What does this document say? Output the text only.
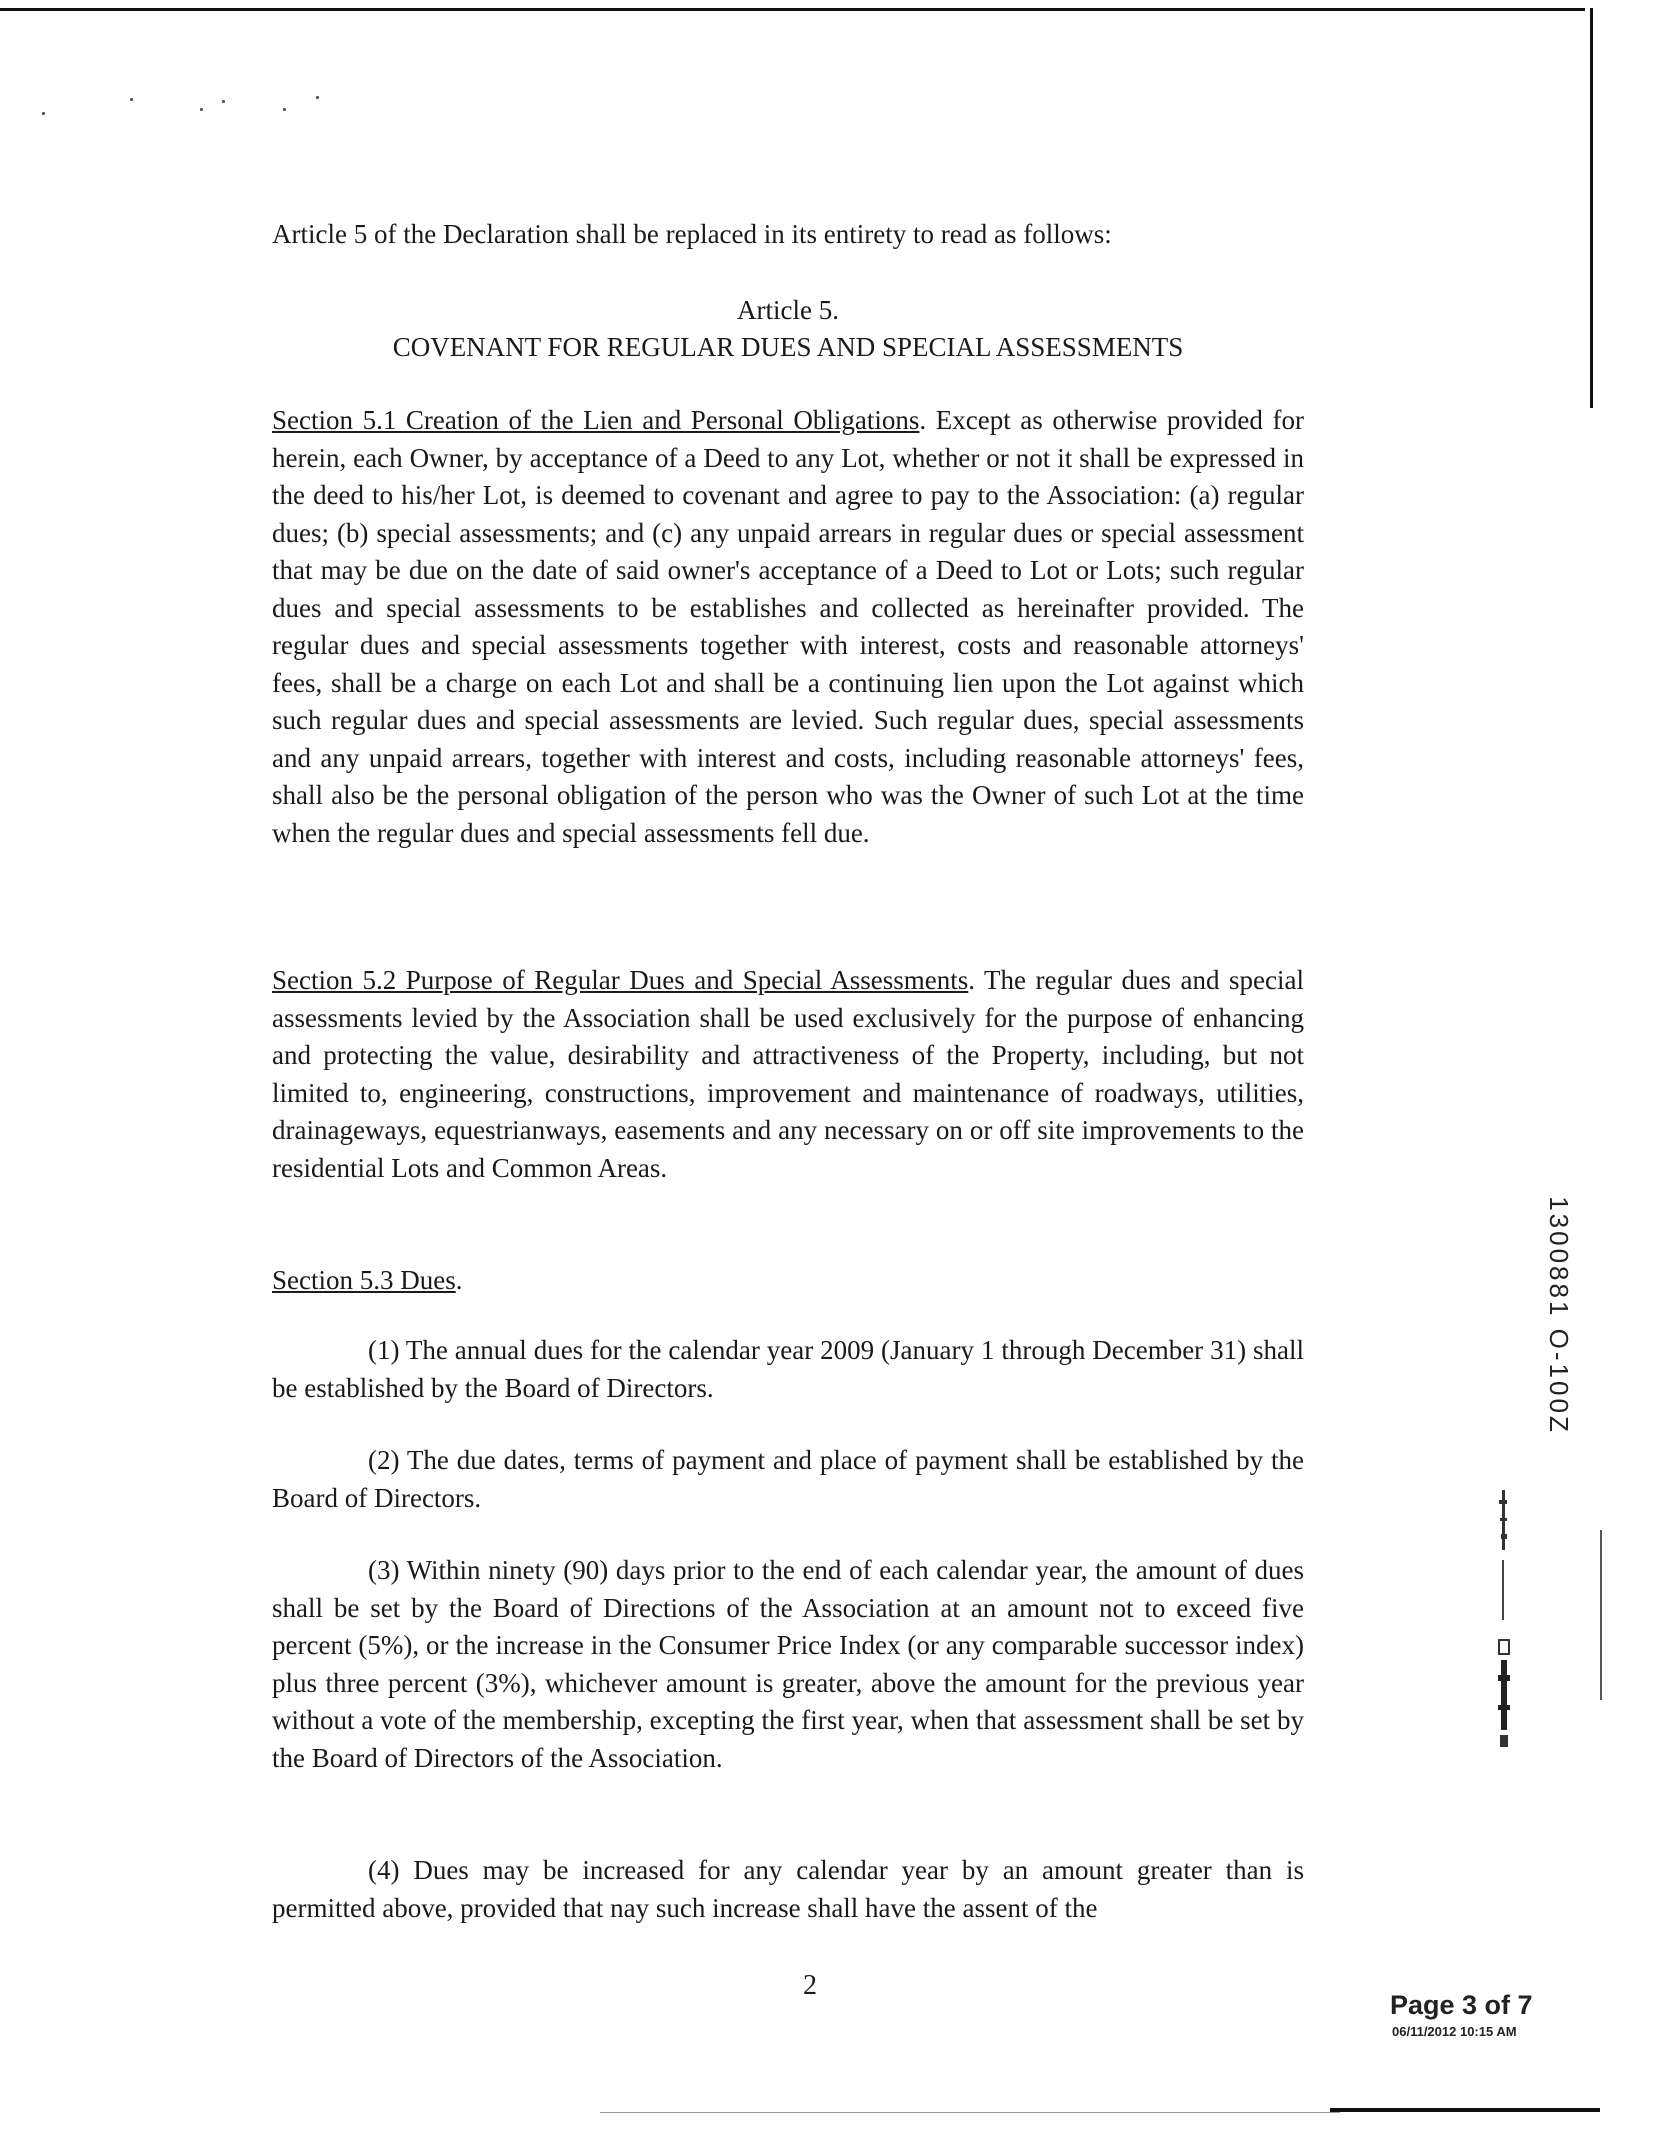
Article 5 of the Declaration shall be replaced in its entirety to read as follows:
Article 5.
COVENANT FOR REGULAR DUES AND SPECIAL ASSESSMENTS
Section 5.1 Creation of the Lien and Personal Obligations. Except as otherwise provided for herein, each Owner, by acceptance of a Deed to any Lot, whether or not it shall be expressed in the deed to his/her Lot, is deemed to covenant and agree to pay to the Association: (a) regular dues; (b) special assessments; and (c) any unpaid arrears in regular dues or special assessment that may be due on the date of said owner's acceptance of a Deed to Lot or Lots; such regular dues and special assessments to be establishes and collected as hereinafter provided. The regular dues and special assessments together with interest, costs and reasonable attorneys' fees, shall be a charge on each Lot and shall be a continuing lien upon the Lot against which such regular dues and special assessments are levied. Such regular dues, special assessments and any unpaid arrears, together with interest and costs, including reasonable attorneys' fees, shall also be the personal obligation of the person who was the Owner of such Lot at the time when the regular dues and special assessments fell due.
Section 5.2 Purpose of Regular Dues and Special Assessments. The regular dues and special assessments levied by the Association shall be used exclusively for the purpose of enhancing and protecting the value, desirability and attractiveness of the Property, including, but not limited to, engineering, constructions, improvement and maintenance of roadways, utilities, drainageways, equestrianways, easements and any necessary on or off site improvements to the residential Lots and Common Areas.
Section 5.3 Dues.
(1) The annual dues for the calendar year 2009 (January 1 through December 31) shall be established by the Board of Directors.
(2) The due dates, terms of payment and place of payment shall be established by the Board of Directors.
(3) Within ninety (90) days prior to the end of each calendar year, the amount of dues shall be set by the Board of Directions of the Association at an amount not to exceed five percent (5%), or the increase in the Consumer Price Index (or any comparable successor index) plus three percent (3%), whichever amount is greater, above the amount for the previous year without a vote of the membership, excepting the first year, when that assessment shall be set by the Board of Directors of the Association.
(4) Dues may be increased for any calendar year by an amount greater than is permitted above, provided that nay such increase shall have the assent of the
2
1300881 O-100Z
Page 3 of 7
06/11/2012 10:15 AM
